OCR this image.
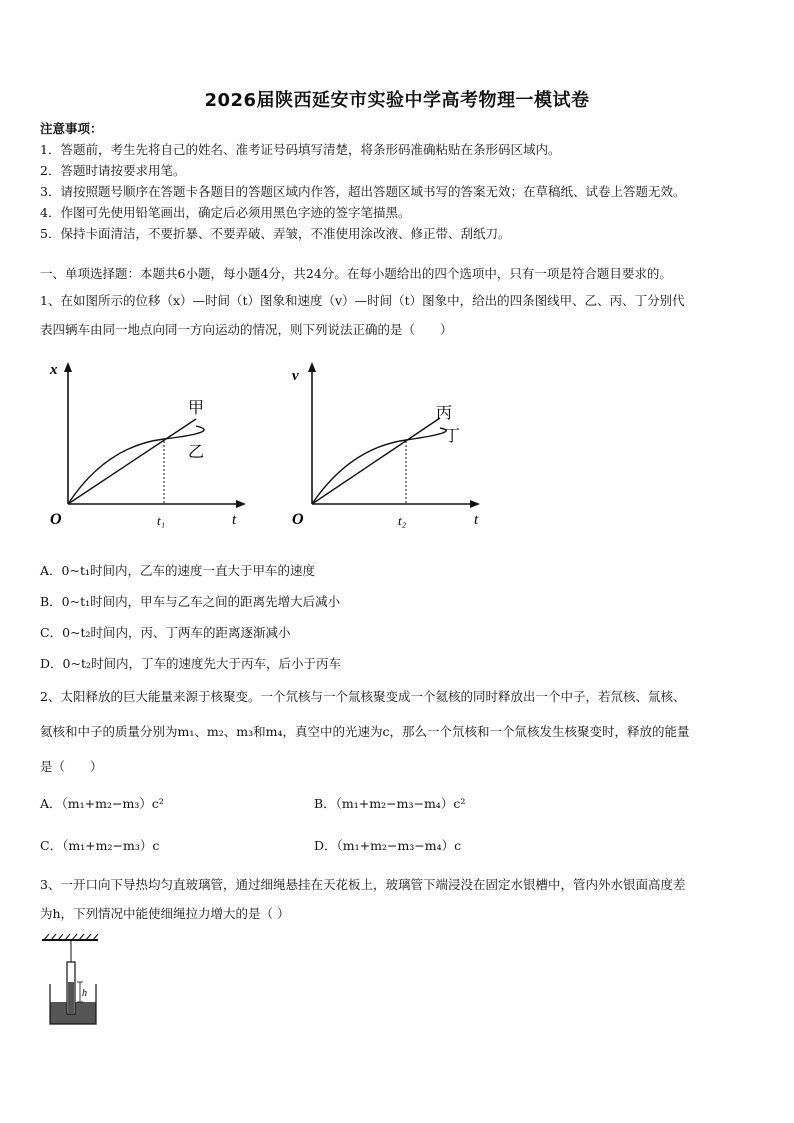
2026届陕西延安市实验中学高考物理一模试卷
注意事项：
1．答题前，考生先将自己的姓名、准考证号码填写清楚，将条形码准确粘贴在条形码区域内。
2．答题时请按要求用笔。
3．请按照题号顺序在答题卡各题目的答题区域内作答，超出答题区域书写的答案无效；在草稿纸、试卷上答题无效。
4．作图可先使用铅笔画出，确定后必须用黑色字迹的签字笔描黑。
5．保持卡面清洁，不要折暴、不要弄破、弄皱，不准使用涂改液、修正带、刮纸刀。
一、单项选择题：本题共6小题，每小题4分，共24分。在每小题给出的四个选项中，只有一项是符合题目要求的。
1、在如图所示的位移（x）—时间（t）图象和速度（v）—时间（t）图象中，给出的四条图线甲、乙、丙、丁分别代
表四辆车由同一地点向同一方向运动的情况，则下列说法正确的是（　　）
x
t
O	t₁
甲
乙
v
t
O	t₂
丙
丁
A．0~t₁时间内，乙车的速度一直大于甲车的速度
B．0~t₁时间内，甲车与乙车之间的距离先增大后减小
C．0~t₂时间内，丙、丁两车的距离逐渐减小
D．0~t₂时间内，丁车的速度先大于丙车，后小于丙车
2、太阳释放的巨大能量来源于核聚变。一个氘核与一个氚核聚变成一个氦核的同时释放出一个中子，若氘核、氚核、
氦核和中子的质量分别为m₁、m₂、m₃和m₄，真空中的光速为c，那么一个氘核和一个氚核发生核聚变时，释放的能量
是（　　）
A．（m₁+m₂−m₃）c²	B．（m₁+m₂−m₃−m₄）c²
C．（m₁+m₂−m₃）c	D．（m₁+m₂−m₃−m₄）c
3、一开口向下导热均匀直玻璃管，通过细绳悬挂在天花板上，玻璃管下端浸没在固定水银槽中，管内外水银面高度差
为h，下列情况中能使细绳拉力增大的是（ ）
h
